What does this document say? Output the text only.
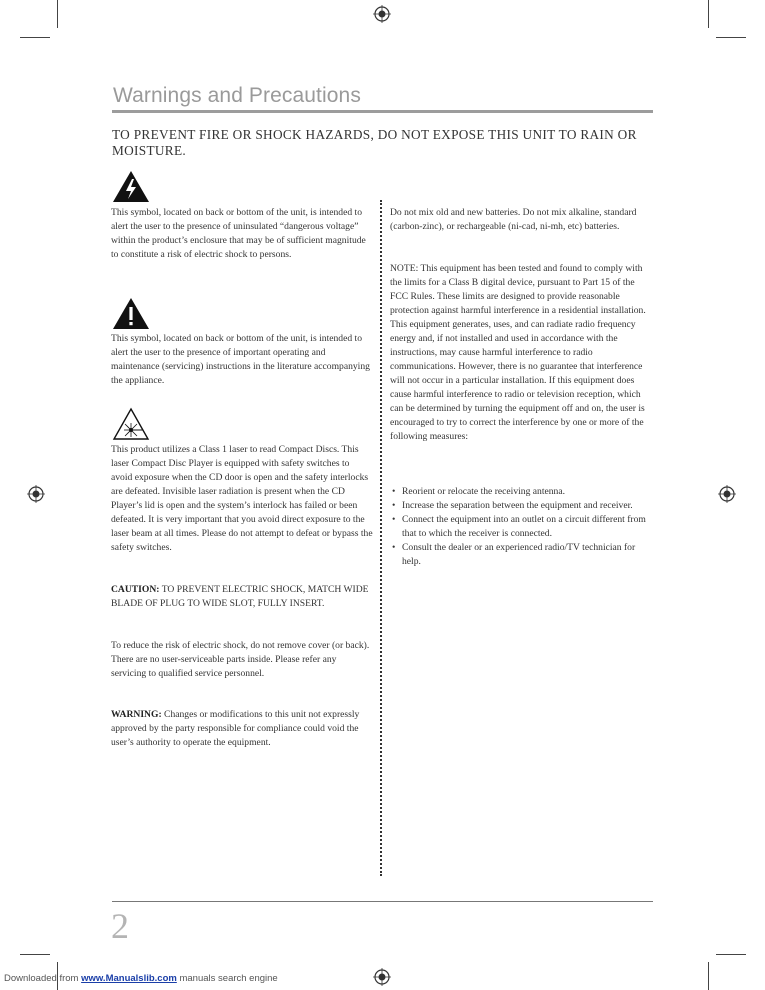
Warnings and Precautions

TO PREVENT FIRE OR SHOCK HAZARDS, DO NOT EXPOSE THIS UNIT TO RAIN OR MOISTURE.

This symbol, located on back or bottom of the unit, is intended to alert the user to the presence of uninsulated “dangerous voltage” within the product’s enclosure that may be of sufficient magnitude to constitute a risk of electric shock to persons.

This symbol, located on back or bottom of the unit, is intended to alert the user to the presence of important operating and maintenance (servicing) instructions in the literature accompanying the appliance.

This product utilizes a Class 1 laser to read Compact Discs. This laser Compact Disc Player is equipped with safety switches to avoid exposure when the CD door is open and the safety interlocks are defeated. Invisible laser radiation is present when the CD Player’s lid is open and the system’s interlock has failed or been defeated. It is very important that you avoid direct exposure to the laser beam at all times. Please do not attempt to defeat or bypass the safety switches.

CAUTION: TO PREVENT ELECTRIC SHOCK, MATCH WIDE BLADE OF PLUG TO WIDE SLOT, FULLY INSERT.

To reduce the risk of electric shock, do not remove cover (or back). There are no user-serviceable parts inside. Please refer any servicing to qualified service personnel.

WARNING: Changes or modifications to this unit not expressly approved by the party responsible for compliance could void the user’s authority to operate the equipment.

Do not mix old and new batteries. Do not mix alkaline, standard (carbon-zinc), or rechargeable (ni-cad, ni-mh, etc) batteries.

NOTE: This equipment has been tested and found to comply with the limits for a Class B digital device, pursuant to Part 15 of the FCC Rules. These limits are designed to provide reasonable protection against harmful interference in a residential installation. This equipment generates, uses, and can radiate radio frequency energy and, if not installed and used in accordance with the instructions, may cause harmful interference to radio communications. However, there is no guarantee that interference will not occur in a particular installation. If this equipment does cause harmful interference to radio or television reception, which can be determined by turning the equipment off and on, the user is encouraged to try to correct the interference by one or more of the following measures:

• Reorient or relocate the receiving antenna.
• Increase the separation between the equipment and receiver.
• Connect the equipment into an outlet on a circuit different from that to which the receiver is connected.
• Consult the dealer or an experienced radio/TV technician for help.
2
Downloaded from www.Manualslib.com manuals search engine
